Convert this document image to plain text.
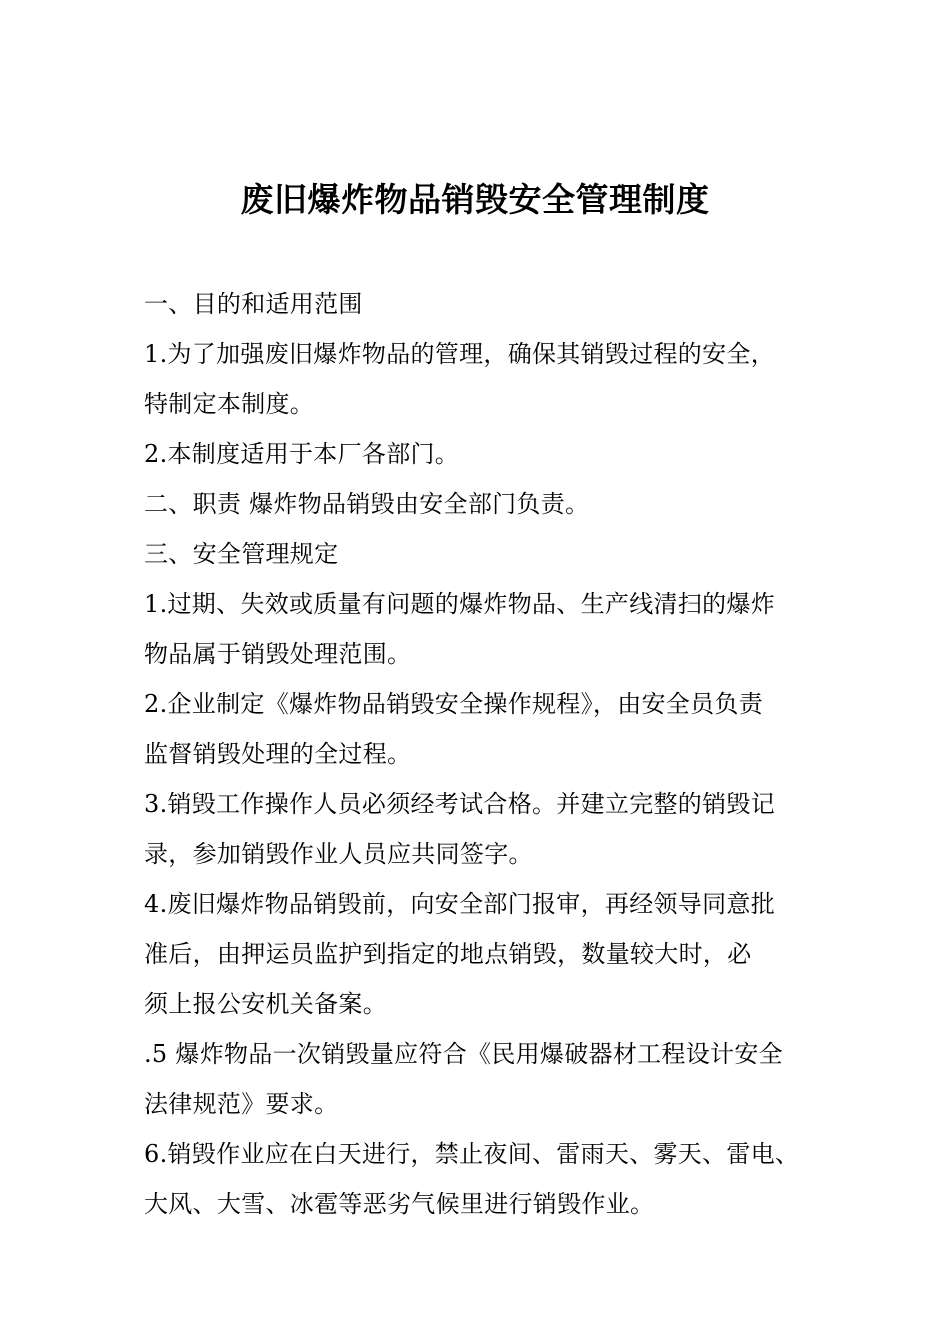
废旧爆炸物品销毁安全管理制度
一、目的和适用范围
1.为了加强废旧爆炸物品的管理，确保其销毁过程的安全，
特制定本制度。
2.本制度适用于本厂各部门。
二、职责 爆炸物品销毁由安全部门负责。
三、安全管理规定
1.过期、失效或质量有问题的爆炸物品、生产线清扫的爆炸
物品属于销毁处理范围。
2.企业制定《爆炸物品销毁安全操作规程》，由安全员负责
监督销毁处理的全过程。
3.销毁工作操作人员必须经考试合格。并建立完整的销毁记
录，参加销毁作业人员应共同签字。
4.废旧爆炸物品销毁前，向安全部门报审，再经领导同意批
准后，由押运员监护到指定的地点销毁，数量较大时，必
须上报公安机关备案。
.5 爆炸物品一次销毁量应符合《民用爆破器材工程设计安全
法律规范》要求。
6.销毁作业应在白天进行，禁止夜间、雷雨天、雾天、雷电、
大风、大雪、冰雹等恶劣气候里进行销毁作业。
